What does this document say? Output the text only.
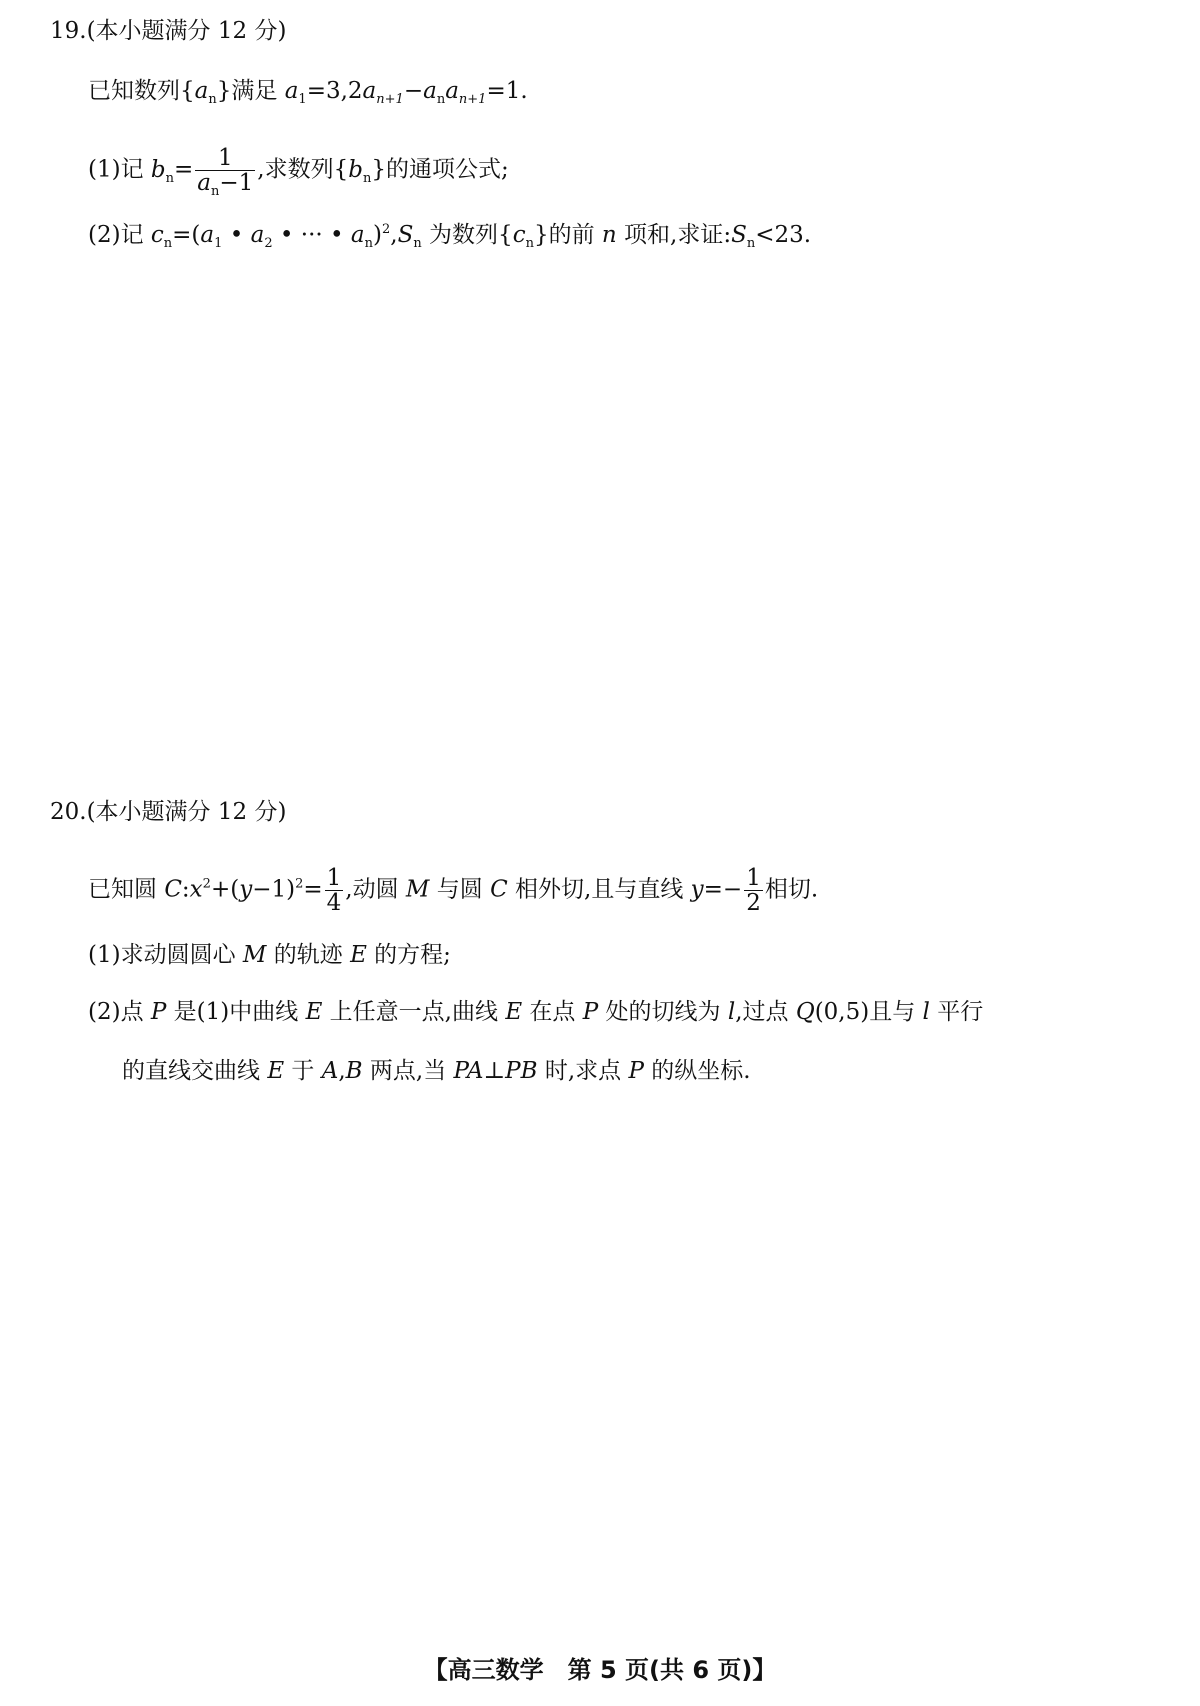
19.(本小题满分 12 分)
已知数列$\{a_n\}$满足 $a_1=3,2a_{n+1}-a_na_{n+1}=1$.
(1)记 $b_n= \frac{1}{a_n-1}$ ,求数列$\{b_n\}$的通项公式;
(2)记 $c_n=(a_1$ • $a_2$ • ··· • $a_n)^2,S_n$ 为数列$\{c_n\}$的前 n 项和,求证$:S_n<23$.
20.(本小题满分 12 分)
已知圆 $C:x^2+(y-1)^2= \frac{1}{4}$ ,动圆 M 与圆 C 相外切,且与直线 $y=- \frac{1}{2}$ 相切.
(1)求动圆圆心 M 的轨迹 E 的方程;
(2)点 P 是(1)中曲线 E 上任意一点,曲线 E 在点 P 处的切线为 l,过点 Q(0,5)且与 l 平行
的直线交曲线 E 于 A,B 两点,当 PA⊥PB 时,求点 P 的纵坐标.
【高三数学　第 5 页(共 6 页)】
